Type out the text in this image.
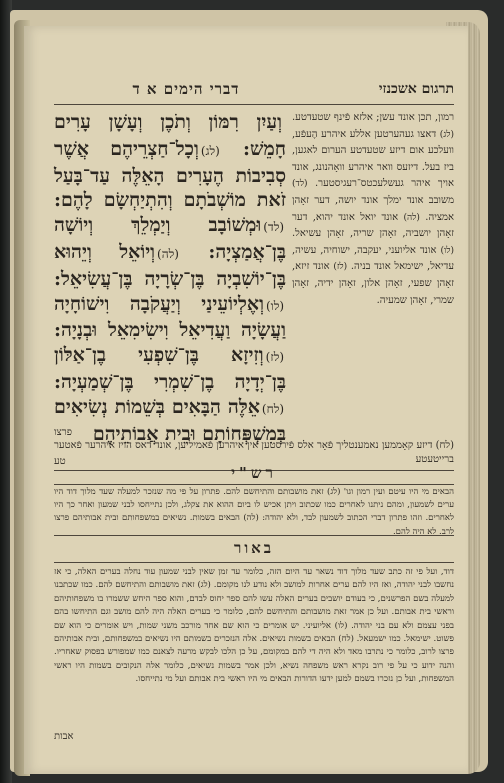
דברי הימים א ד	תרגום אשכנזי
וְעַיִן רִמּוֹן וְתֹכֶן וְעָשָׁן עָרִים חָמֵשׁ: (לג)וְכָל־חַצְרֵיהֶם אֲשֶׁר סְבִיבוֹת הֶעָרִים הָאֵלֶּה עַד־בָּעַל זֹאת מוֹשְׁבֹתָם וְהִתְיַחְשָׂם לָהֶם: (לד)וּמְשׁוֹבָב וְיַמְלֵךְ וְיוֹשָׁה בֶּן־אֲמַצְיָה: (לה)וְיוֹאֵל וְיֵהוּא בֶּן־יוֹשִׁבְיָה בֶּן־שְׂרָיָה בֶּן־עֲשִׂיאֵל: (לו)וְאֶלְיוֹעֵינַי וְיַעֲקֹבָה וִישׁוֹחָיָה וַעֲשָׂיָה וַעֲדִיאֵל וִישִׂימִאֵל וּבְנָיָה: (לז)וְזִיזָא בֶּן־שִׁפְעִי בֶן־אַלּוֹן בֶּן־יְדָיָה בֶן־שִׁמְרִי בֶּן־שְׁמַעְיָה: (לח)אֵלֶּה הַבָּאִים בְּשֵׁמוֹת נְשִׂיאִים בְּמִשְׁפְּחוֹתָם וּבֵית אֲבוֹתֵיהֶם
רמון, תכן אונד עשן; אלזא פֿינף שטעדטע. (לג) דאצו געהערטען אללע איהרע הֶעפֿע, וועלכע אום דיזע שטעדטע הערום לאגען, ביז בעל. דיזעס וואר איהרע וואָהנונג, אונד אויך איהר געשלעכטס־רעגיסטער. (לד) משובב אונד ימלך אונד יושה, דער זאָהן אמציה. (לה) אונד יואל אונד יהוא, דער זאָהן יושביה, זאָהן שריה, זאָהן עשיאל. (לו) אונד אליועני, יעקבה, ישוחיה, עשיה, עדיאל, ישימאל אונד בניה. (לז) אונד זיזא, זאָהן שפעי, זאָהן אלון, זאָהן ידיה, זאָהן שמרי, זאָהן שמעיה.
פרצו
(לח) דיזע קאָממען נאמענטליך פֿאָר אלס פֿירסטען אין איהרען פֿאמיליען, אונד דאס הויז איהרער פֿאטער ברייטעטע
טע
רש"י
הבאים מי היו עיטם ועין רמון וגו' (לג) זאת מושבותם והתיחשם להם. פתרון על פי מה שנזכר למעלה שעד מלוך דוד היו ערים לשמעון, ומהם ניתנו לאחרים כמו שכתוב ויתן אכיש לו ביום ההוא את צקלג, ולכן נתייחסו לבני שמעון ואחר כך היו לאחרים. וזהו פתרון דברי הכתוב לשמעון לבד, ולא יהודה: (לה) הבאים בשמות. נשיאים במשפחותם ובית אבותיהם פרצו לרב. לא היה להם.
באור
דוד, ועל פי זה כתב שעד מלוך דוד נשאר עד היום הזה, כלומר עד זמן שאין לבני שמעון עוד נחלה בערים האלה, כי אז נחשבו לבני יהודה, ואז היו להם ערים אחרות למושב ולא נודע לנו מקומם. (לג) זאת מושבותם והתיחשם להם. כמו שכתבנו למעלה בשם הפרשנים, כי בעודם יושבים בערים האלה עשו להם ספר יחוס לבדם, והוא ספר היחש ששמרו בו משפחותיהם וראשי בית אבותם. ועל כן אמר זאת מושבותם והתיחשם להם, כלומר כי בערים האלה היה להם מושב וגם התיחשו בהם בפני עצמם ולא עם בני יהודה. (לו) אליועיני. יש אומרים כי הוא שם אחד מורכב משני שמות, ויש אומרים כי הוא שם פשוט. ישימאל. כמו ישמעאל. (לח) הבאים בשמות נשיאים. אלה הנזכרים בשמותם היו נשיאים במשפחותם, ובית אבותיהם פרצו לרוב, כלומר כי נתרבו מאד ולא היה די להם במקומם, על כן הלכו לבקש מרעה לצאנם כמו שמפורש בפסוק שאחריו. והנה ידוע כי על פי רוב נקרא ראש משפחה נשיא, ולכן אמר בשמות נשיאים, כלומר אלה הנקובים בשמות היו ראשי המשפחות, ועל כן נזכרו בשמם למען ידעו הדורות הבאים מי היו ראשי בית אבותם ועל מי נתייחסו.
אבות
